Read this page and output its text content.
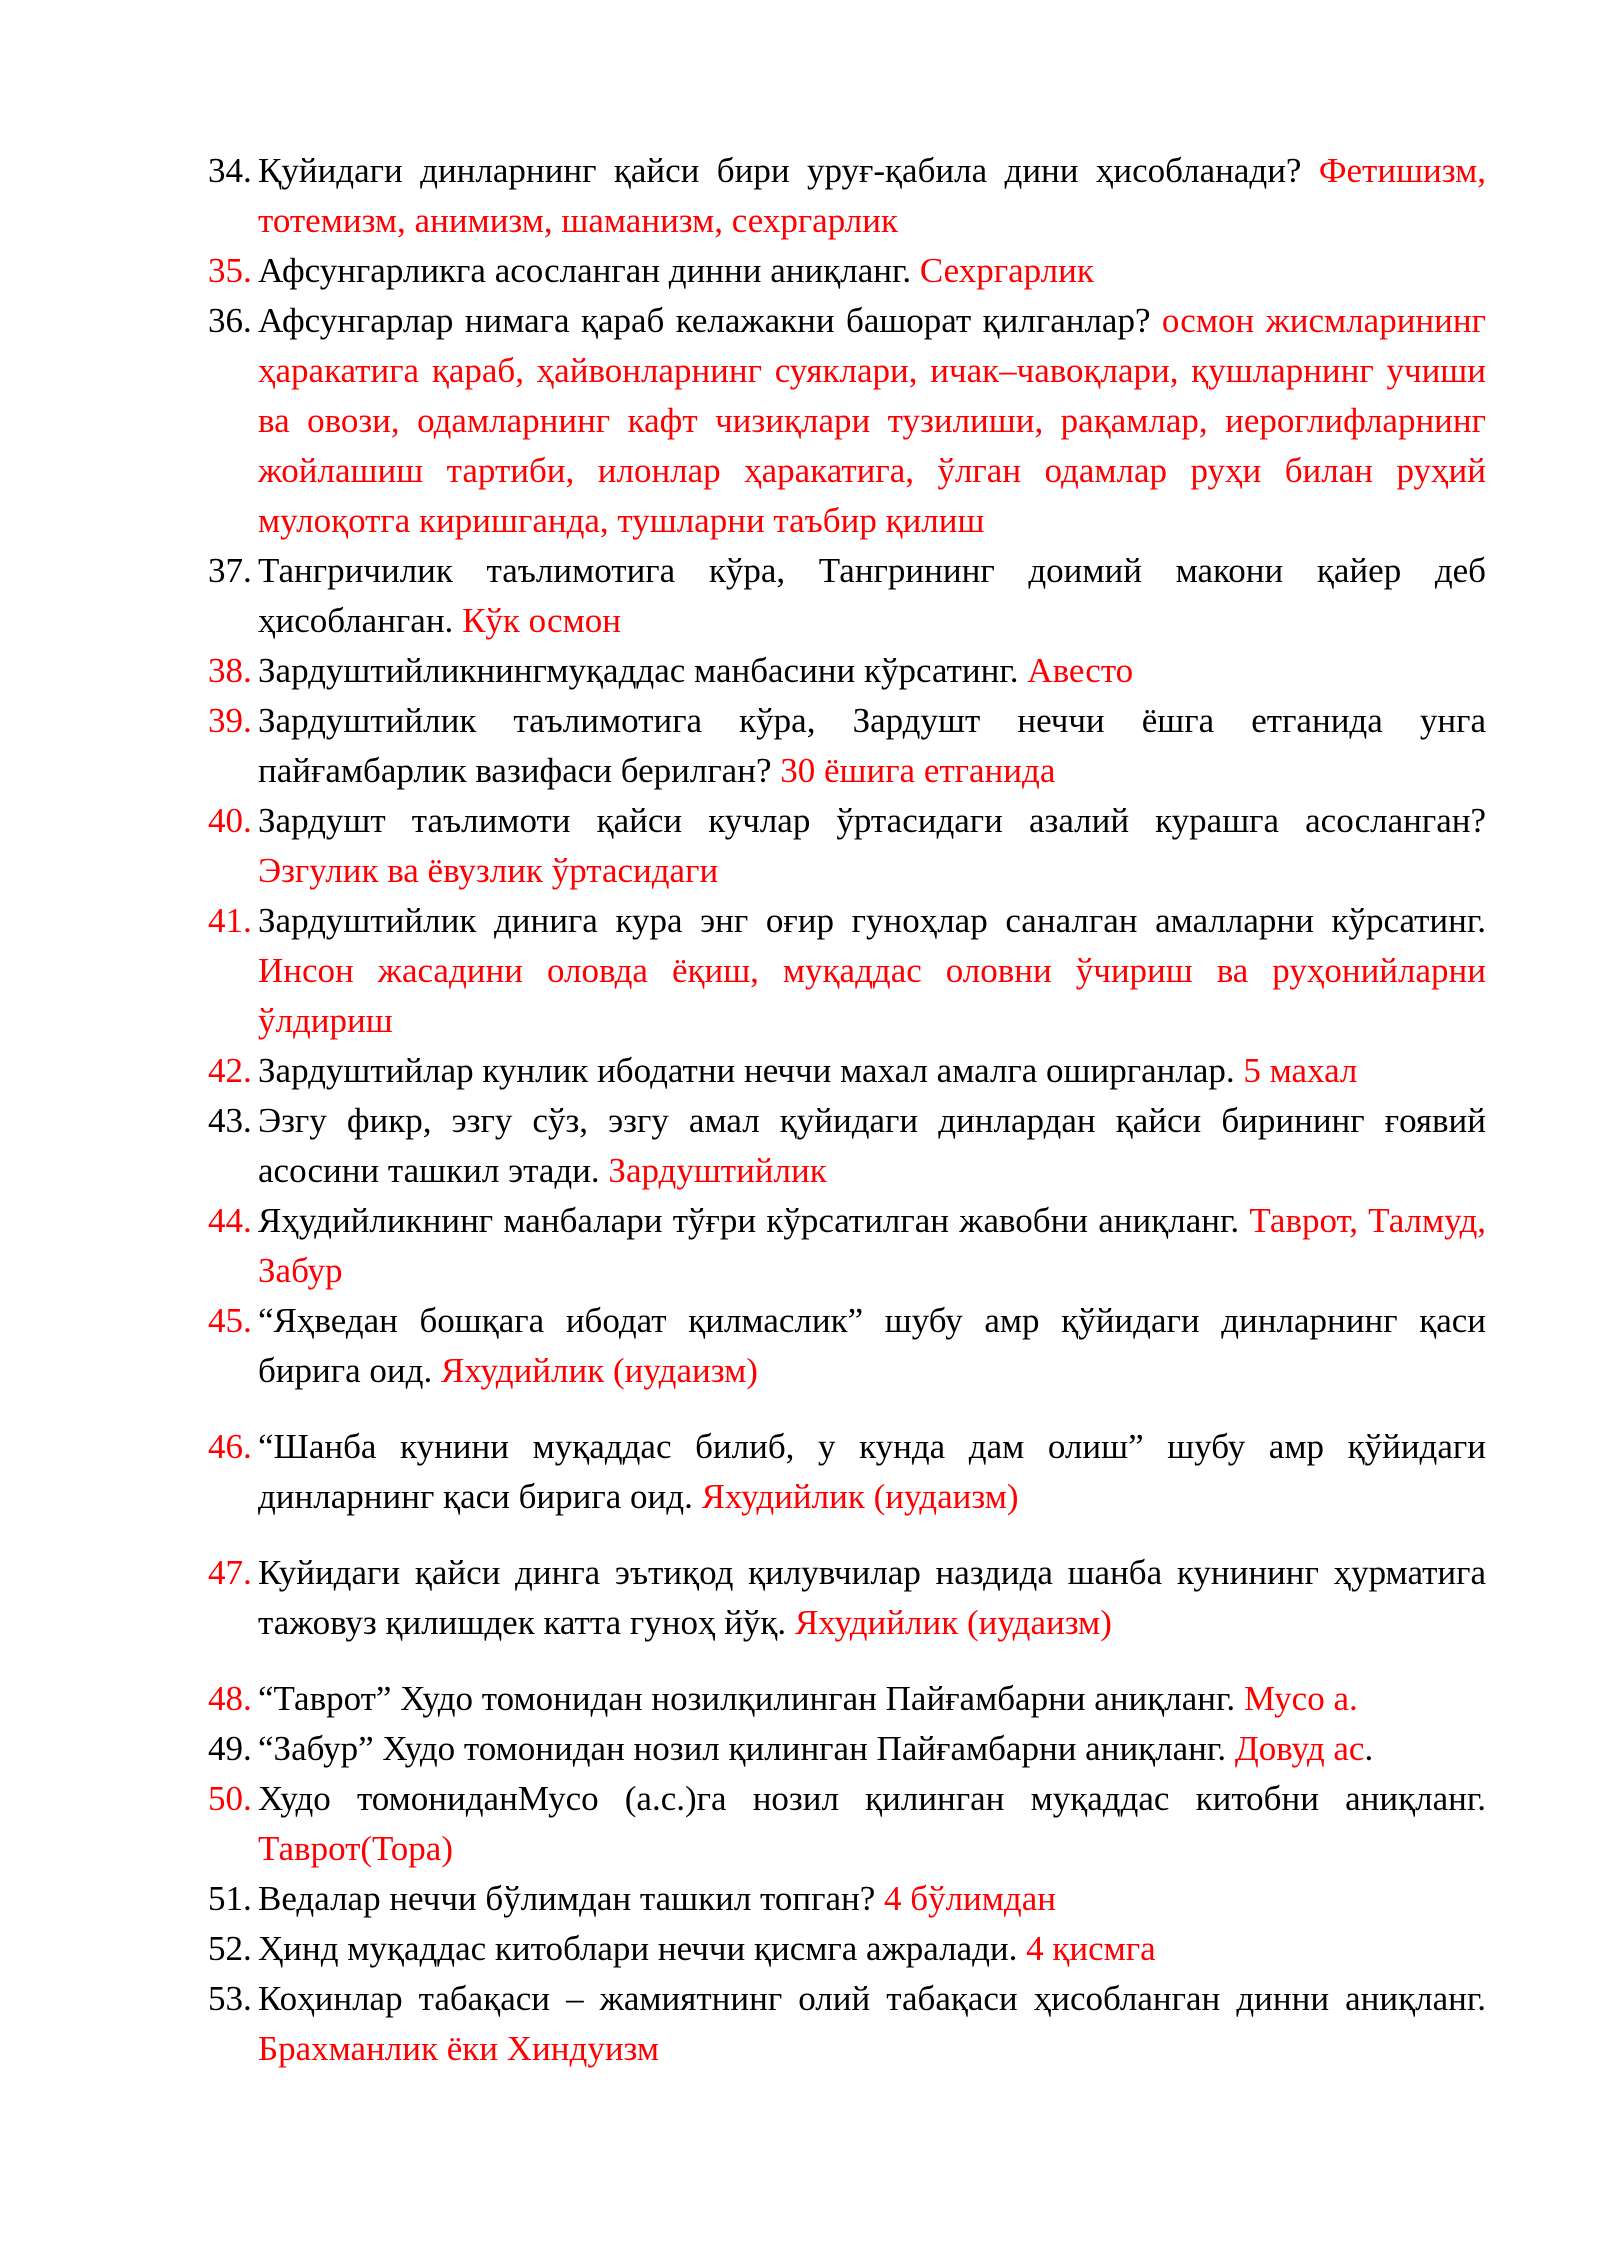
34. Қуйидаги динларнинг қайси бири уруғ-қабила дини ҳисобланади? Фетишизм, тотемизм, анимизм, шаманизм, сехргарлик
35. Афсунгарликга асосланган динни аниқланг. Сехргарлик
36. Афсунгарлар нимага қараб келажакни башорат қилганлар? осмон жисмларининг ҳаракатига қараб, ҳайвонларнинг суяклари, ичак–чавоқлари, қушларнинг учиши ва овози, одамларнинг кафт чизиқлари тузилиши, рақамлар, иероглифларнинг жойлашиш тартиби, илонлар ҳаракатига, ўлган одамлар руҳи билан руҳий мулоқотга киришганда, тушларни таъбир қилиш
37. Тангричилик таълимотига кўра, Тангрининг доимий макони қайер деб ҳисобланган. Кўк осмон
38. Зардуштийликнингмуқаддас манбасини кўрсатинг. Авесто
39. Зардуштийлик таълимотига кўра, Зардушт неччи ёшга етганида унга пайғамбарлик вазифаси берилган? 30 ёшига етганида
40. Зардушт таълимоти қайси кучлар ўртасидаги азалий курашга асосланган? Эзгулик ва ёвузлик ўртасидаги
41. Зардуштийлик динига кура энг оғир гуноҳлар саналган амалларни кўрсатинг. Инсон жасадини оловда ёқиш, муқаддас оловни ўчириш ва руҳонийларни ўлдириш
42. Зардуштийлар кунлик ибодатни неччи махал амалга оширганлар. 5 махал
43. Эзгу фикр, эзгу сўз, эзгу амал қуйидаги динлардан қайси бирининг ғоявий асосини ташкил этади. Зардуштийлик
44. Яҳудийликнинг манбалари тўғри кўрсатилган жавобни аниқланг. Таврот, Талмуд, Забур
45. “Яҳведан бошқага ибодат қилмаслик” шубу амр қўйидаги динларнинг қаси бирига оид. Яхудийлик (иудаизм)
46. “Шанба кунини муқаддас билиб, у кунда дам олиш” шубу амр қўйидаги динларнинг қаси бирига оид. Яхудийлик (иудаизм)
47. Куйидаги қайси динга эътиқод қилувчилар наздида шанба кунининг ҳурматига тажовуз қилишдек катта гуноҳ йўқ. Яхудийлик (иудаизм)
48. “Таврот” Худо томонидан нозилқилинган Пайғамбарни аниқланг. Мусо а.
49. “Забур” Худо томонидан нозил қилинган Пайғамбарни аниқланг. Довуд ас.
50. Худо томониданМусо (а.с.)га нозил қилинган муқаддас китобни аниқланг. Таврот(Тора)
51. Ведалар неччи бўлимдан ташкил топган? 4 бўлимдан
52. Ҳинд муқаддас китоблари неччи қисмга ажралади. 4 қисмга
53. Коҳинлар табақаси – жамиятнинг олий табақаси ҳисобланган динни аниқланг. Брахманлик ёки Хиндуизм
